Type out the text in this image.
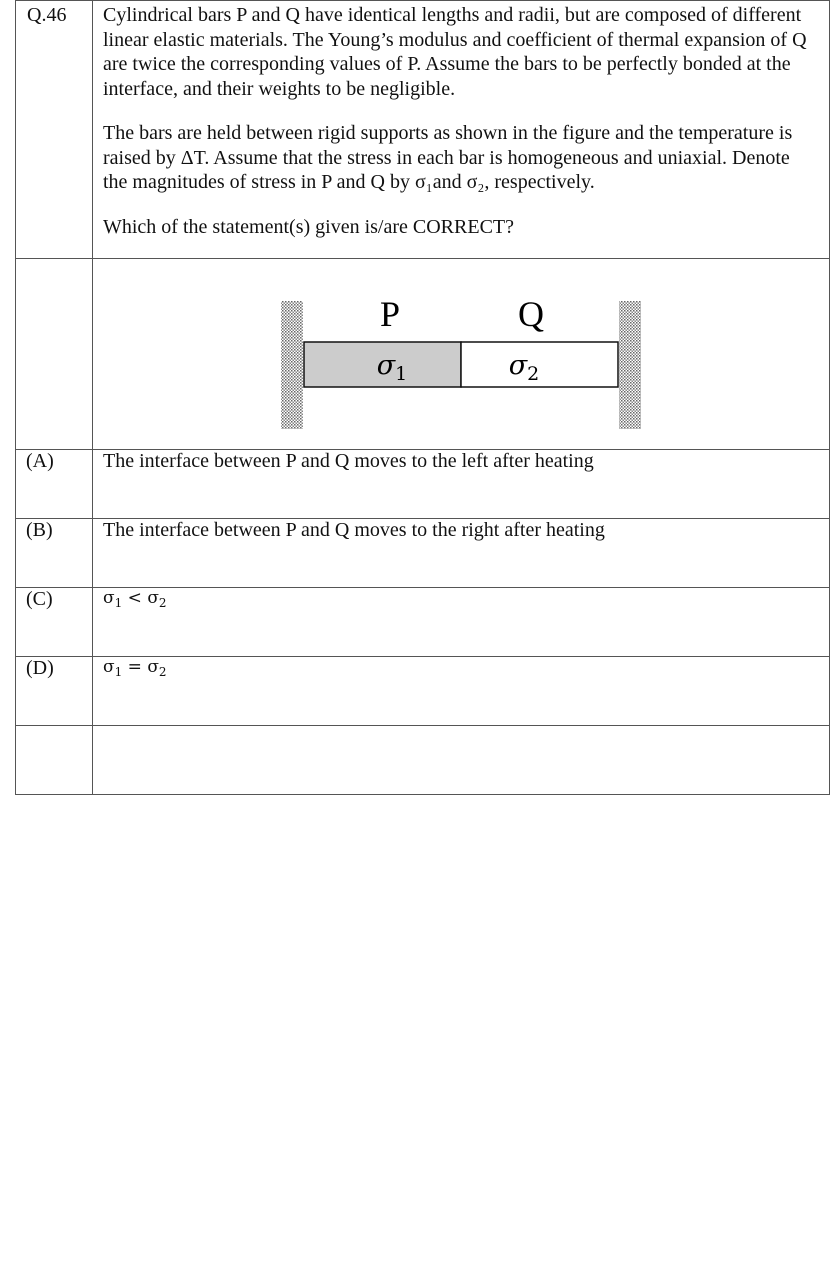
Q.46	Cylindrical bars P and Q have identical lengths and radii, but are composed of different linear elastic materials. The Young’s modulus and coefficient of thermal expansion of Q are twice the corresponding values of P. Assume the bars to be perfectly bonded at the interface, and their weights to be negligible.

The bars are held between rigid supports as shown in the figure and the temperature is raised by ΔT. Assume that the stress in each bar is homogeneous and uniaxial. Denote the magnitudes of stress in P and Q by σ₁and σ₂, respectively.

Which of the statement(s) given is/are CORRECT?

P Q
$\sigma_1$ $\sigma_2$

(A)	The interface between P and Q moves to the left after heating
(B)	The interface between P and Q moves to the right after heating
(C)	$\sigma_1 < \sigma_2$
(D)	$\sigma_1 = \sigma_2$
